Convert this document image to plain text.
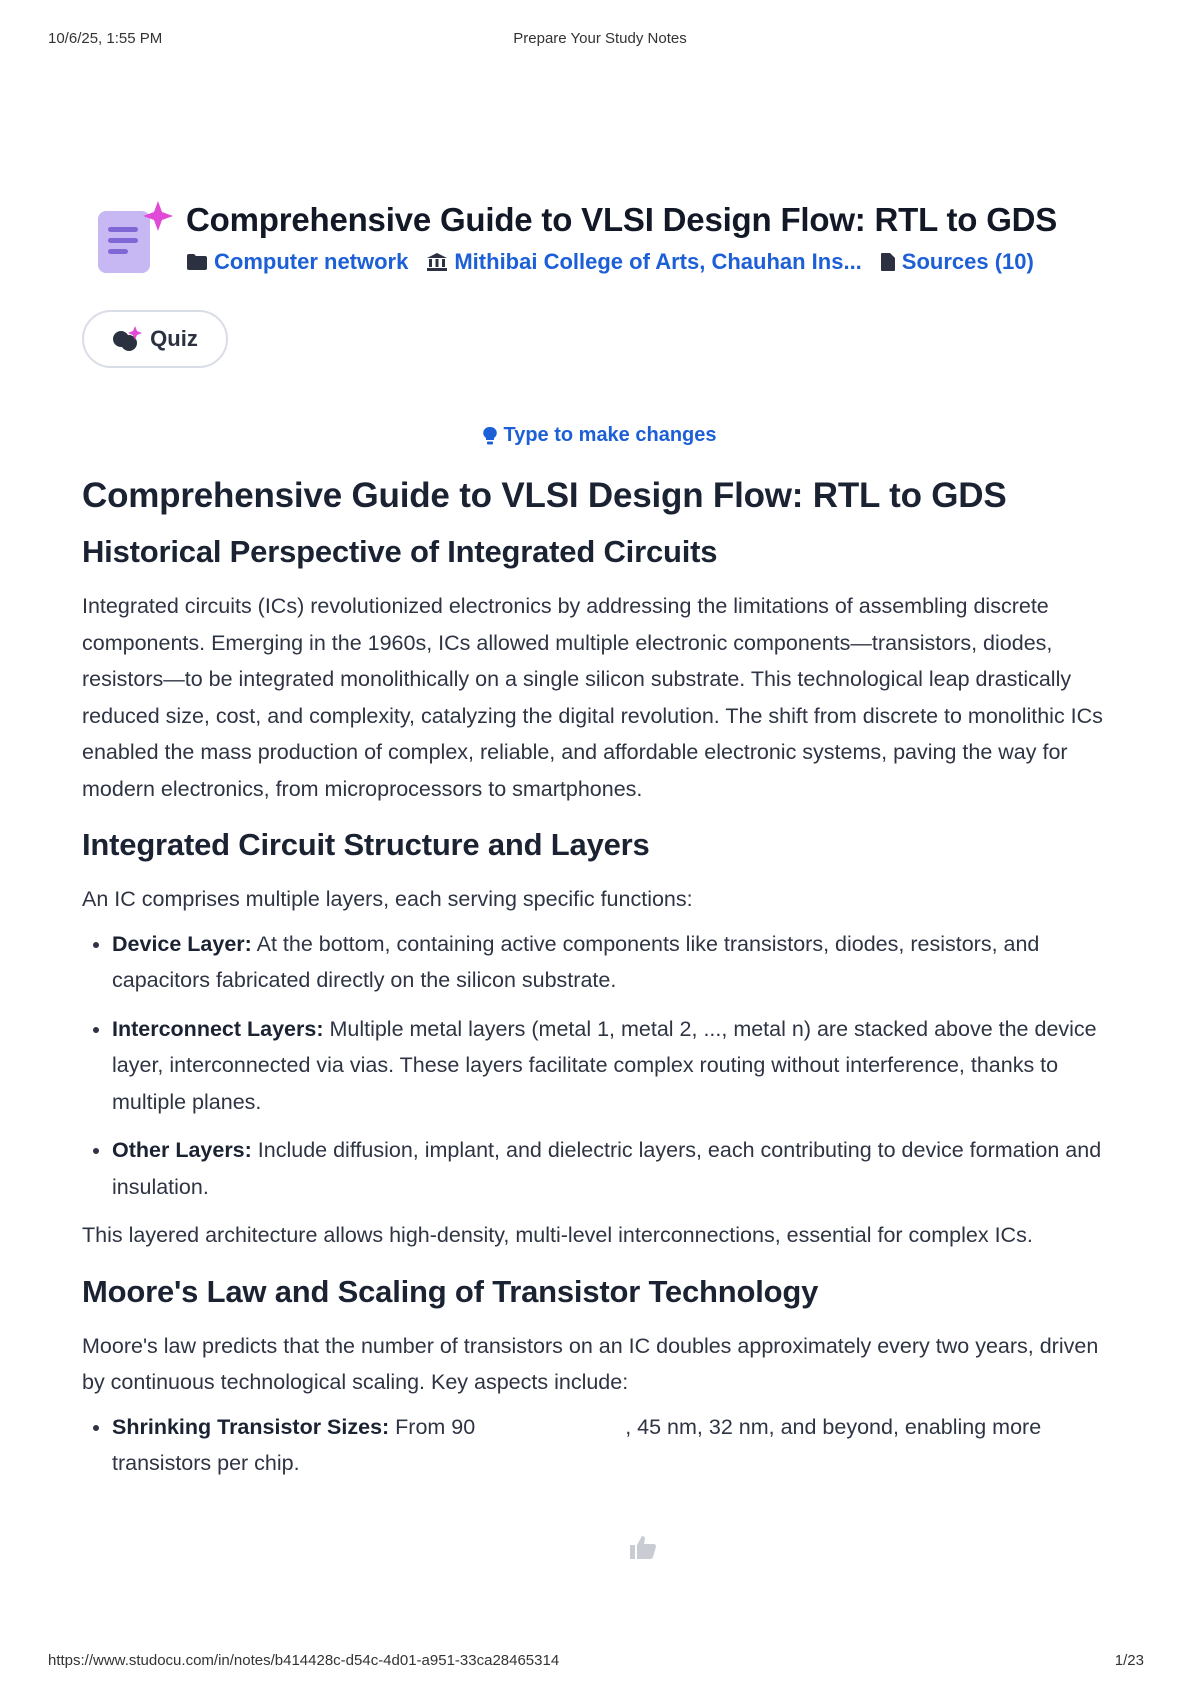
10/6/25, 1:55 PM	Prepare Your Study Notes
Comprehensive Guide to VLSI Design Flow: RTL to GDS
Computer network Mithibai College of Arts, Chauhan Ins... Sources (10)
Quiz
Type to make changes
Comprehensive Guide to VLSI Design Flow: RTL to GDS
Historical Perspective of Integrated Circuits

Integrated circuits (ICs) revolutionized electronics by addressing the limitations of assembling discrete components. Emerging in the 1960s, ICs allowed multiple electronic components—transistors, diodes, resistors—to be integrated monolithically on a single silicon substrate. This technological leap drastically reduced size, cost, and complexity, catalyzing the digital revolution. The shift from discrete to monolithic ICs enabled the mass production of complex, reliable, and affordable electronic systems, paving the way for modern electronics, from microprocessors to smartphones.

Integrated Circuit Structure and Layers

An IC comprises multiple layers, each serving specific functions:

• Device Layer: At the bottom, containing active components like transistors, diodes, resistors, and capacitors fabricated directly on the silicon substrate.
• Interconnect Layers: Multiple metal layers (metal 1, metal 2, ..., metal n) are stacked above the device layer, interconnected via vias. These layers facilitate complex routing without interference, thanks to multiple planes.
• Other Layers: Include diffusion, implant, and dielectric layers, each contributing to device formation and insulation.

This layered architecture allows high-density, multi-level interconnections, essential for complex ICs.

Moore's Law and Scaling of Transistor Technology

Moore's law predicts that the number of transistors on an IC doubles approximately every two years, driven by continuous technological scaling. Key aspects include:

• Shrinking Transistor Sizes: From 90	, 45 nm, 32 nm, and beyond, enabling more transistors per chip.
https://www.studocu.com/in/notes/b414428c-d54c-4d01-a951-33ca28465314	1/23
